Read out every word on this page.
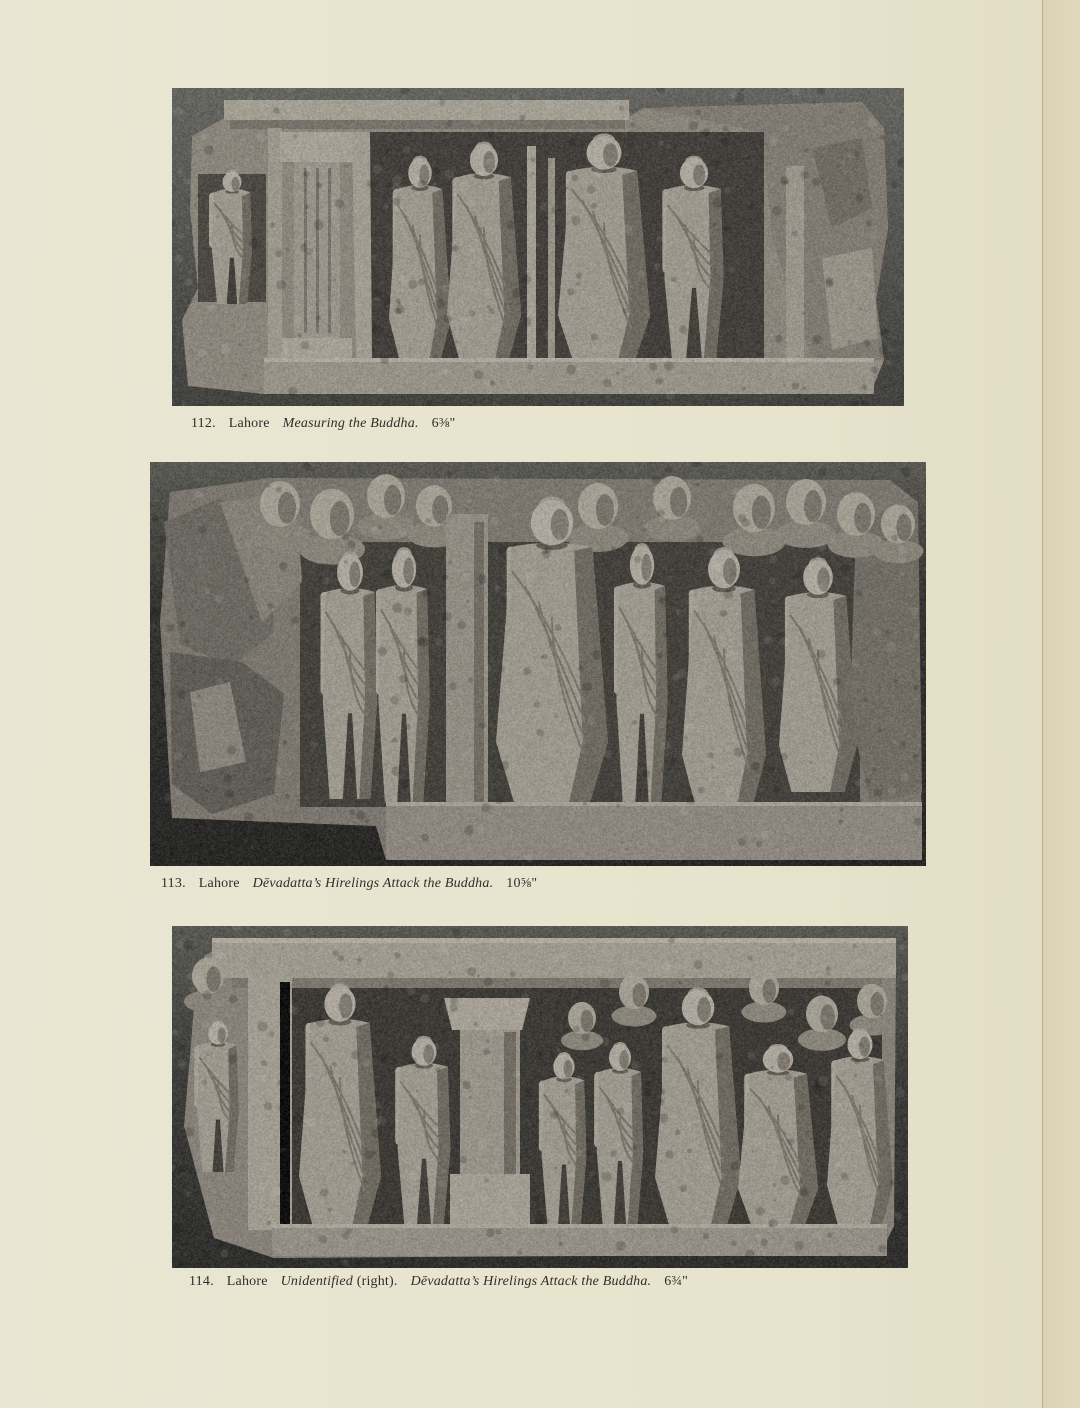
112. Lahore Measuring the Buddha. 6⅜"
113. Lahore Dēvadatta’s Hirelings Attack the Buddha. 10⅝"
114. Lahore Unidentified (right). Dēvadatta’s Hirelings Attack the Buddha. 6¾"
